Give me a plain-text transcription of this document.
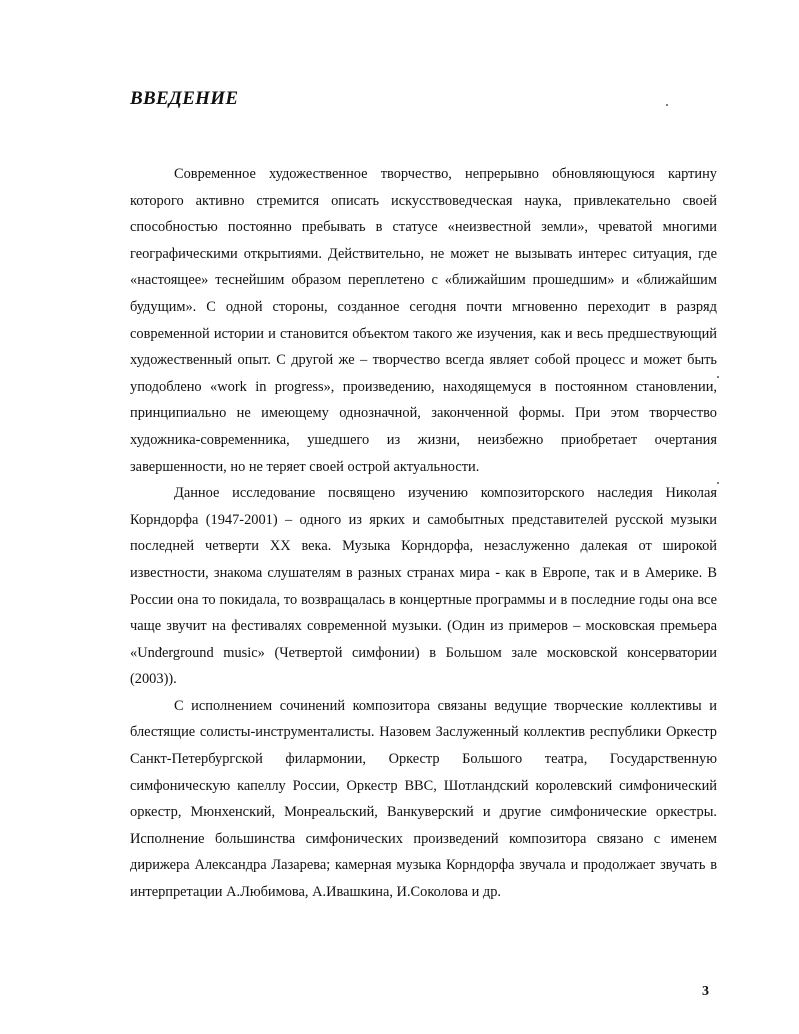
ВВЕДЕНИЕ

Современное художественное творчество, непрерывно обновляющуюся картину которого активно стремится описать искусствоведческая наука, привлекательно своей способностью постоянно пребывать в статусе «неизвестной земли», чреватой многими географическими открытиями. Действительно, не может не вызывать интерес ситуация, где «настоящее» теснейшим образом переплетено с «ближайшим прошедшим» и «ближайшим будущим». С одной стороны, созданное сегодня почти мгновенно переходит в разряд современной истории и становится объектом такого же изучения, как и весь предшествующий художественный опыт. С другой же – творчество всегда являет собой процесс и может быть уподоблено «work in progress», произведению, находящемуся в постоянном становлении, принципиально не имеющему однозначной, законченной формы. При этом творчество художника-современника, ушедшего из жизни, неизбежно приобретает очертания завершенности, но не теряет своей острой актуальности.

Данное исследование посвящено изучению композиторского наследия Николая Корндорфа (1947-2001) – одного из ярких и самобытных представителей русской музыки последней четверти XX века. Музыка Корндорфа, незаслуженно далекая от широкой известности, знакома слушателям в разных странах мира - как в Европе, так и в Америке. В России она то покидала, то возвращалась в концертные программы и в последние годы она все чаще звучит на фестивалях современной музыки. (Один из примеров – московская премьера «Underground music» (Четвертой симфонии) в Большом зале московской консерватории (2003)).

С исполнением сочинений композитора связаны ведущие творческие коллективы и блестящие солисты-инструменталисты. Назовем Заслуженный коллектив республики Оркестр Санкт-Петербургской филармонии, Оркестр Большого театра, Государственную симфоническую капеллу России, Оркестр BBC, Шотландский королевский симфонический оркестр, Мюнхенский, Монреальский, Ванкуверский и другие симфонические оркестры. Исполнение большинства симфонических произведений композитора связано с именем дирижера Александра Лазарева; камерная музыка Корндорфа звучала и продолжает звучать в интерпретации А.Любимова, А.Ивашкина, И.Соколова и др.

3
